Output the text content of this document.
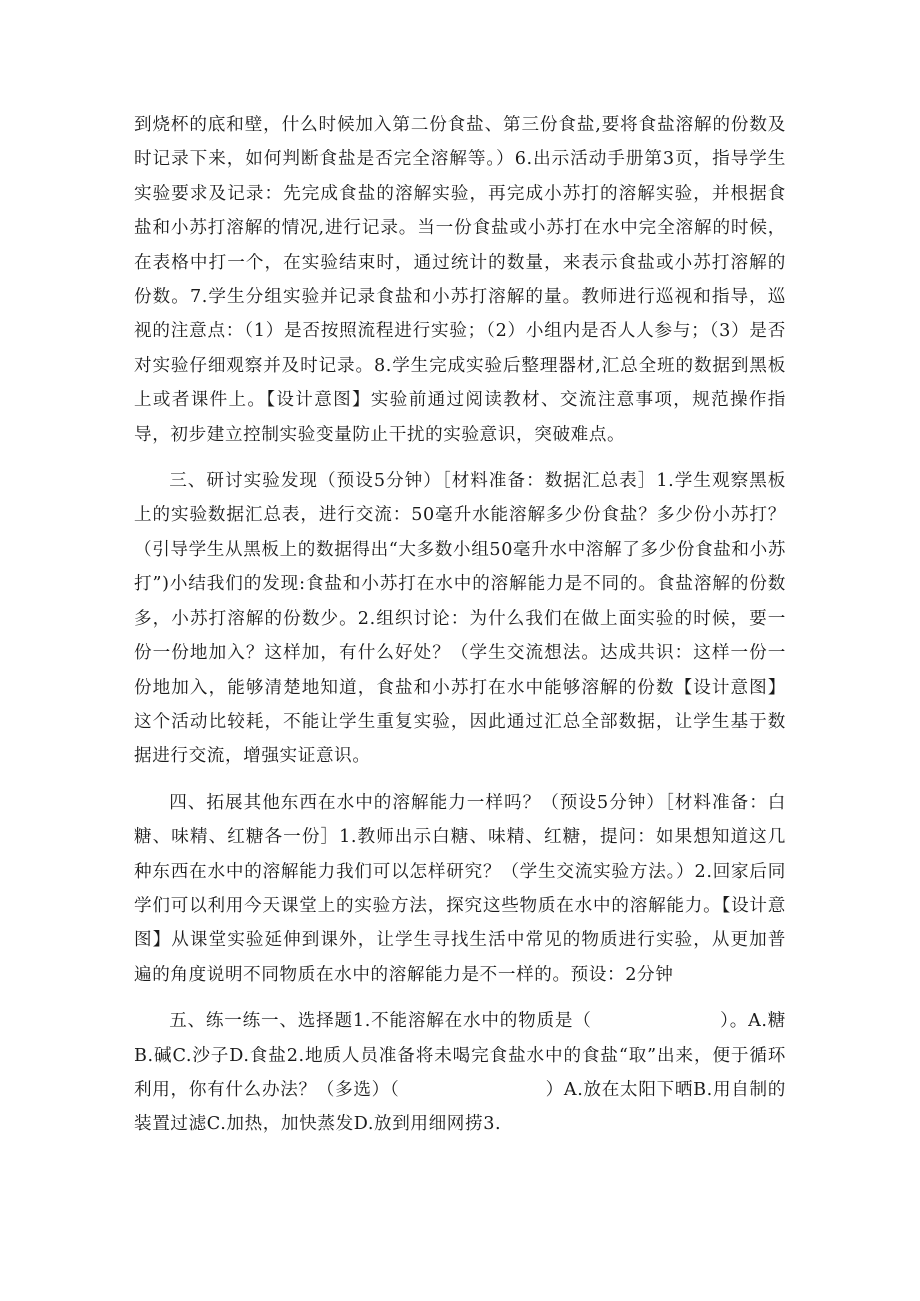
到烧杯的底和壁，什么时候加入第二份食盐、第三份食盐,要将食盐溶解的份数及时记录下来，如何判断食盐是否完全溶解等。）6.出示活动手册第3页，指导学生实验要求及记录：先完成食盐的溶解实验，再完成小苏打的溶解实验，并根据食盐和小苏打溶解的情况,进行记录。当一份食盐或小苏打在水中完全溶解的时候，在表格中打一个，在实验结束时，通过统计的数量，来表示食盐或小苏打溶解的份数。7.学生分组实验并记录食盐和小苏打溶解的量。教师进行巡视和指导，巡视的注意点：（1）是否按照流程进行实验；（2）小组内是否人人参与；（3）是否对实验仔细观察并及时记录。8.学生完成实验后整理器材,汇总全班的数据到黑板上或者课件上。【设计意图】实验前通过阅读教材、交流注意事项，规范操作指导，初步建立控制实验变量防止干扰的实验意识，突破难点。

三、研讨实验发现（预设5分钟）［材料准备：数据汇总表］1.学生观察黑板上的实验数据汇总表，进行交流：50毫升水能溶解多少份食盐？多少份小苏打？（引导学生从黑板上的数据得出“大多数小组50毫升水中溶解了多少份食盐和小苏打”)小结我们的发现:食盐和小苏打在水中的溶解能力是不同的。食盐溶解的份数多，小苏打溶解的份数少。2.组织讨论：为什么我们在做上面实验的时候，要一份一份地加入？这样加，有什么好处？（学生交流想法。达成共识：这样一份一份地加入，能够清楚地知道，食盐和小苏打在水中能够溶解的份数【设计意图】这个活动比较耗，不能让学生重复实验，因此通过汇总全部数据，让学生基于数据进行交流，增强实证意识。

四、拓展其他东西在水中的溶解能力一样吗？（预设5分钟）［材料准备：白糖、味精、红糖各一份］1.教师出示白糖、味精、红糖，提问：如果想知道这几种东西在水中的溶解能力我们可以怎样研究？（学生交流实验方法。）2.回家后同学们可以利用今天课堂上的实验方法，探究这些物质在水中的溶解能力。【设计意图】从课堂实验延伸到课外，让学生寻找生活中常见的物质进行实验，从更加普遍的角度说明不同物质在水中的溶解能力是不一样的。预设：2分钟

五、练一练一、选择题1.不能溶解在水中的物质是（　　　　　　　）。A.糖B.碱C.沙子D.食盐2.地质人员准备将未喝完食盐水中的食盐“取”出来，便于循环利用，你有什么办法？（多选）（　　　　　　　　）A.放在太阳下晒B.用自制的装置过滤C.加热，加快蒸发D.放到用细网捞3.
